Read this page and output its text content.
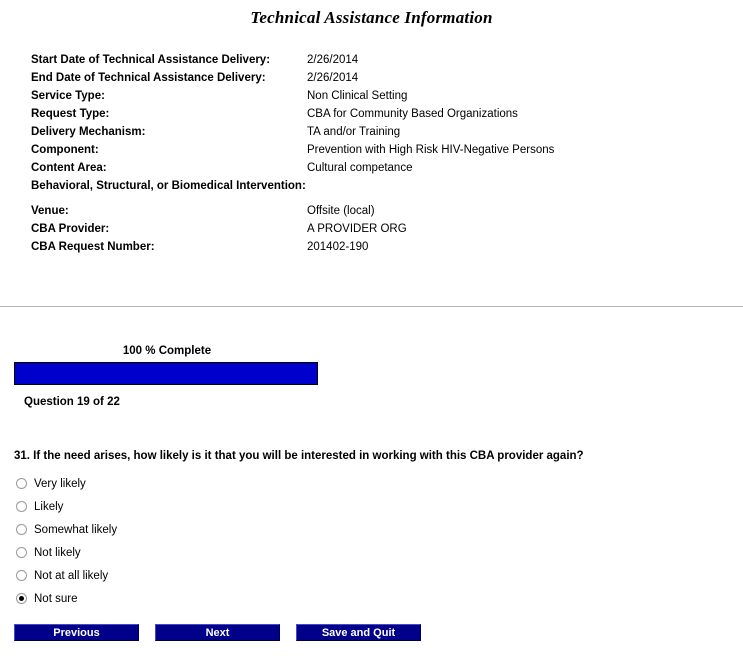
Technical Assistance Information
Start Date of Technical Assistance Delivery:	2/26/2014
End Date of Technical Assistance Delivery:	2/26/2014
Service Type:	Non Clinical Setting
Request Type:	CBA for Community Based Organizations
Delivery Mechanism:	TA and/or Training
Component:	Prevention with High Risk HIV-Negative Persons
Content Area:	Cultural competance
Behavioral, Structural, or Biomedical Intervention:
Venue:	Offsite (local)
CBA Provider:	A PROVIDER ORG
CBA Request Number:	201402-190
100 % Complete
Question 19 of 22
31. If the need arises, how likely is it that you will be interested in working with this CBA provider again?
Very likely
Likely
Somewhat likely
Not likely
Not at all likely
Not sure
Previous	Next	Save and Quit
